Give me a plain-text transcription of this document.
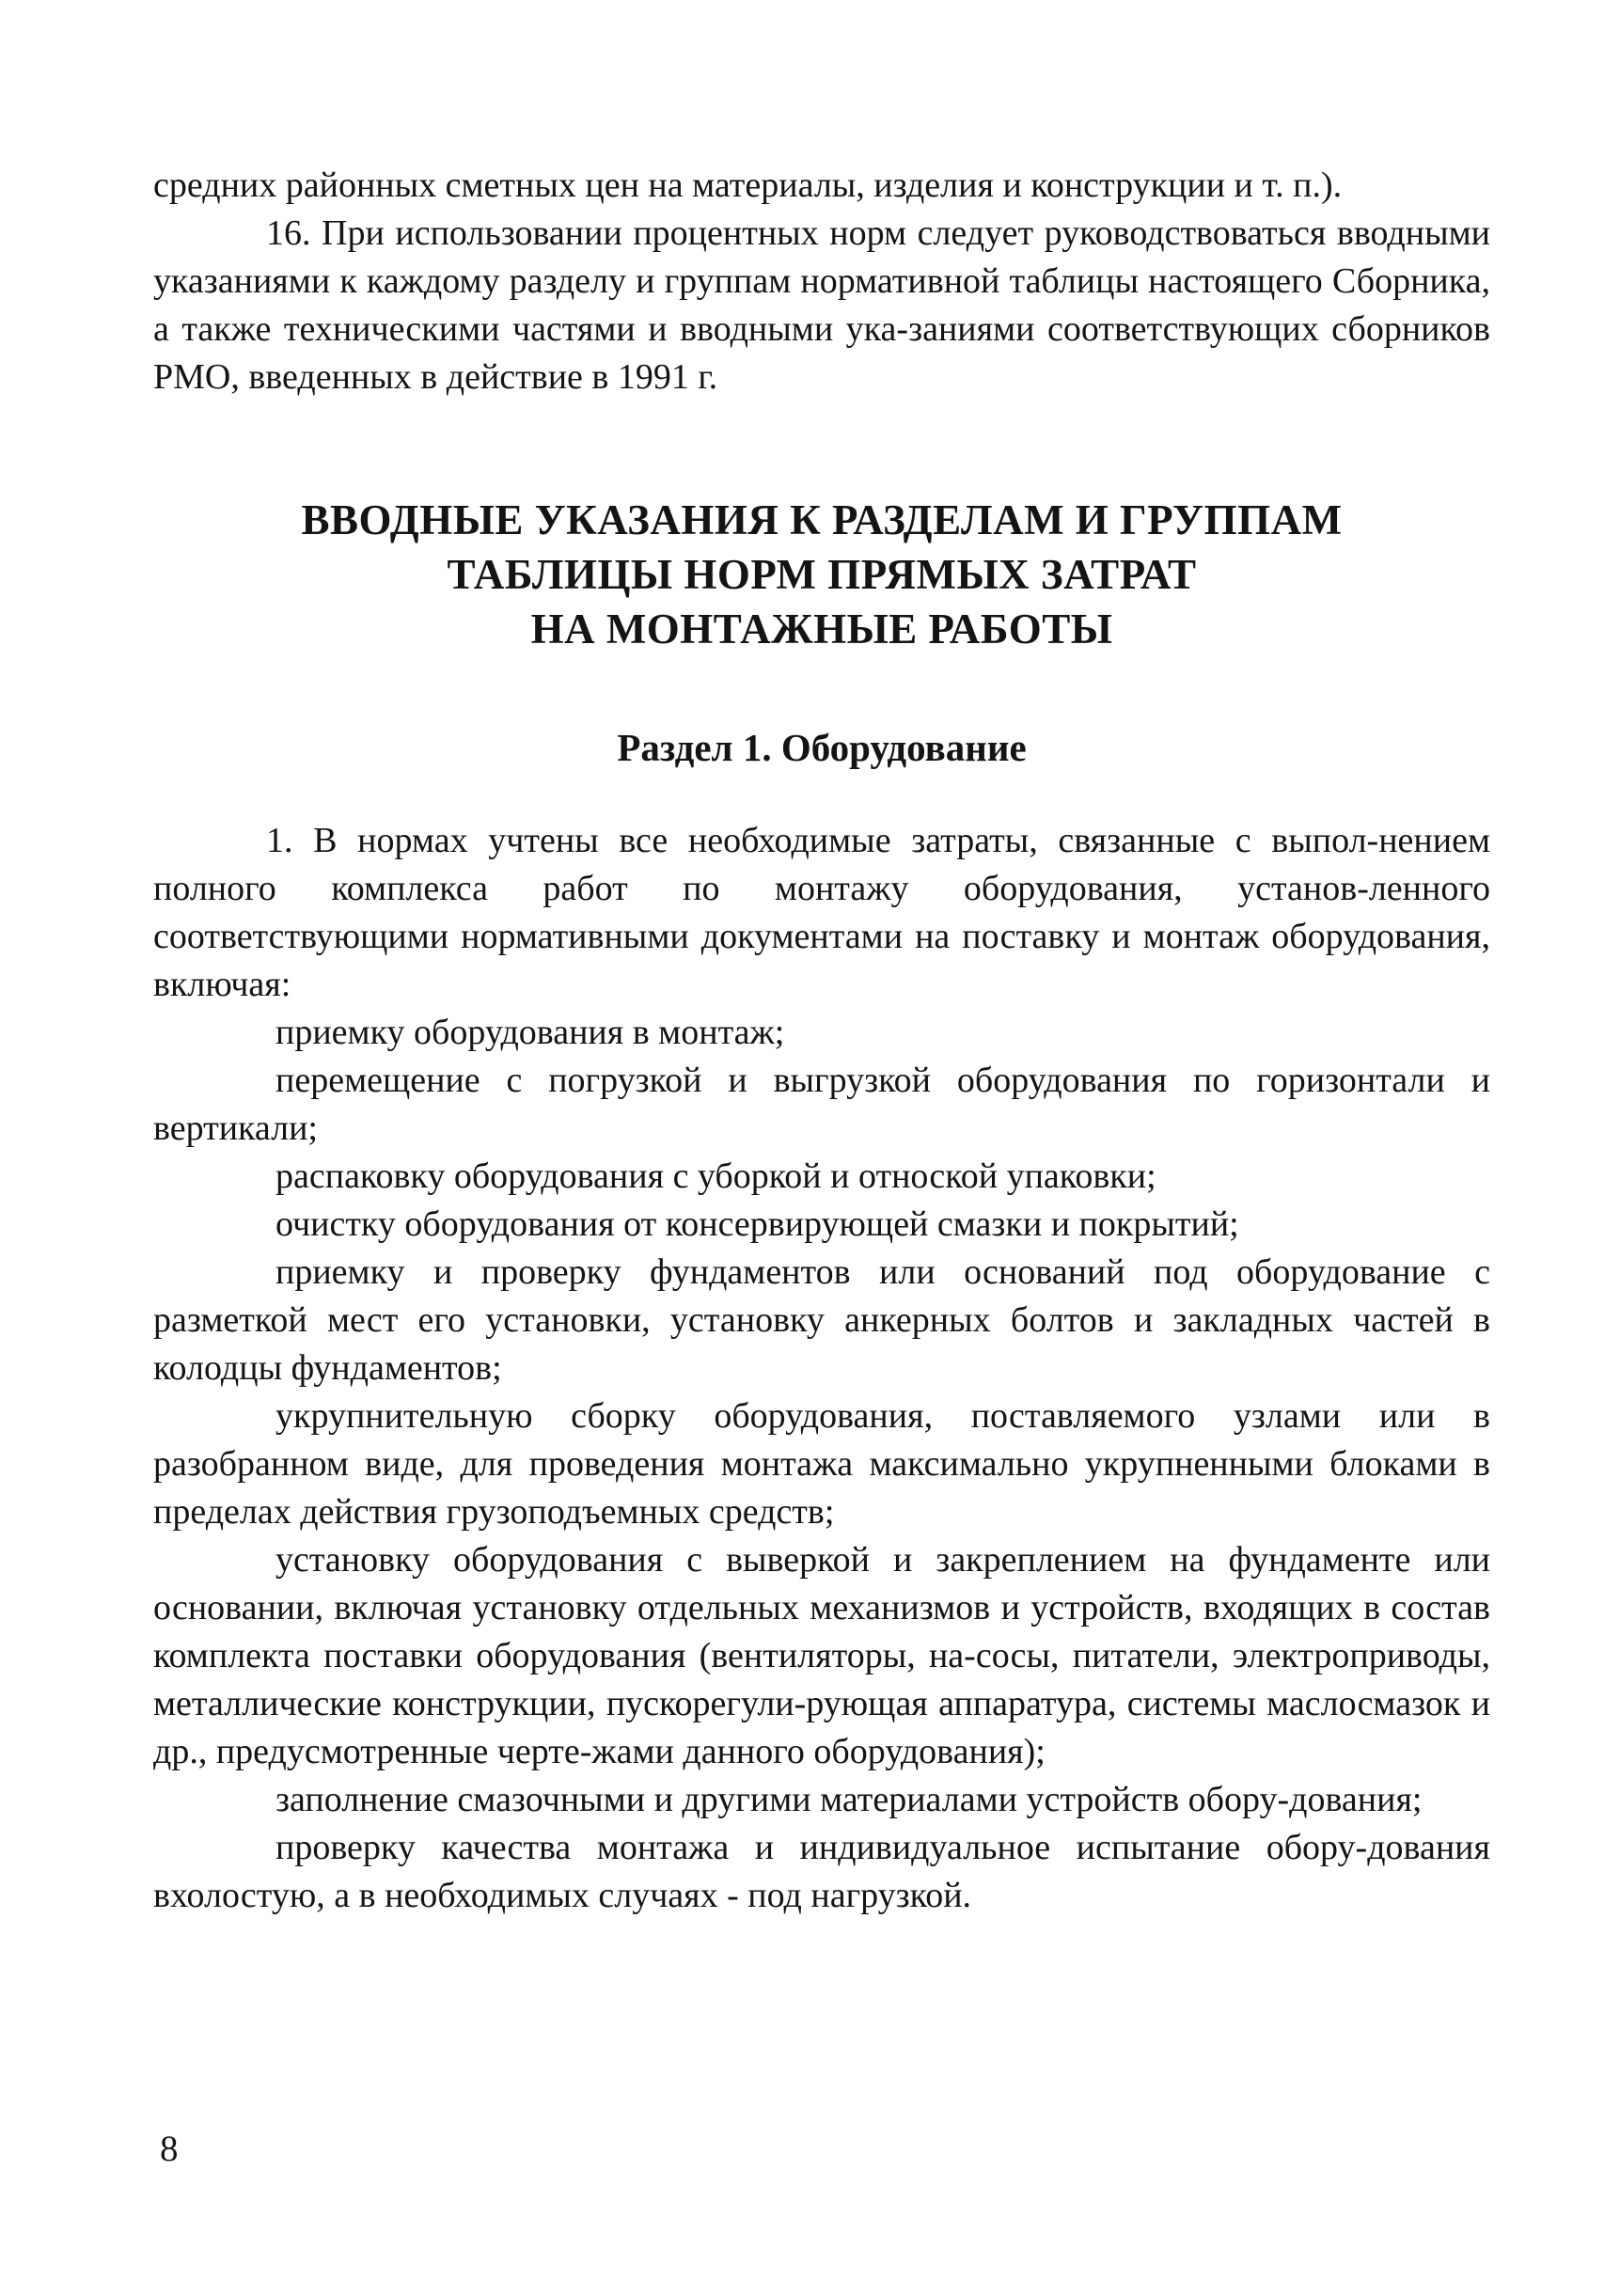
средних районных сметных цен на материалы, изделия и конструкции и т. п.).

16. При использовании процентных норм следует руководствоваться вводными указаниями к каждому разделу и группам нормативной таблицы настоящего Сборника, а также техническими частями и вводными ука-заниями соответствующих сборников РМО, введенных в действие в 1991 г.

ВВОДНЫЕ УКАЗАНИЯ К РАЗДЕЛАМ И ГРУППАМ
ТАБЛИЦЫ НОРМ ПРЯМЫХ ЗАТРАТ
НА МОНТАЖНЫЕ РАБОТЫ
Раздел 1. Оборудование

1. В нормах учтены все необходимые затраты, связанные с выпол-нением полного комплекса работ по монтажу оборудования, установ-ленного соответствующими нормативными документами на поставку и монтаж оборудования, включая:

приемку оборудования в монтаж;

перемещение с погрузкой и выгрузкой оборудования по горизонтали и вертикали;

распаковку оборудования с уборкой и отноской упаковки;

очистку оборудования от консервирующей смазки и покрытий;

приемку и проверку фундаментов или оснований под оборудование с разметкой мест его установки, установку анкерных болтов и закладных частей в колодцы фундаментов;

укрупнительную сборку оборудования, поставляемого узлами или в разобранном виде, для проведения монтажа максимально укрупненными блоками в пределах действия грузоподъемных средств;

установку оборудования с выверкой и закреплением на фундаменте или основании, включая установку отдельных механизмов и устройств, входящих в состав комплекта поставки оборудования (вентиляторы, на-сосы, питатели, электроприводы, металлические конструкции, пускорегули-рующая аппаратура, системы маслосмазок и др., предусмотренные черте-жами данного оборудования);

заполнение смазочными и другими материалами устройств обору-дования;

проверку качества монтажа и индивидуальное испытание обору-дования вхолостую, а в необходимых случаях - под нагрузкой.

8
